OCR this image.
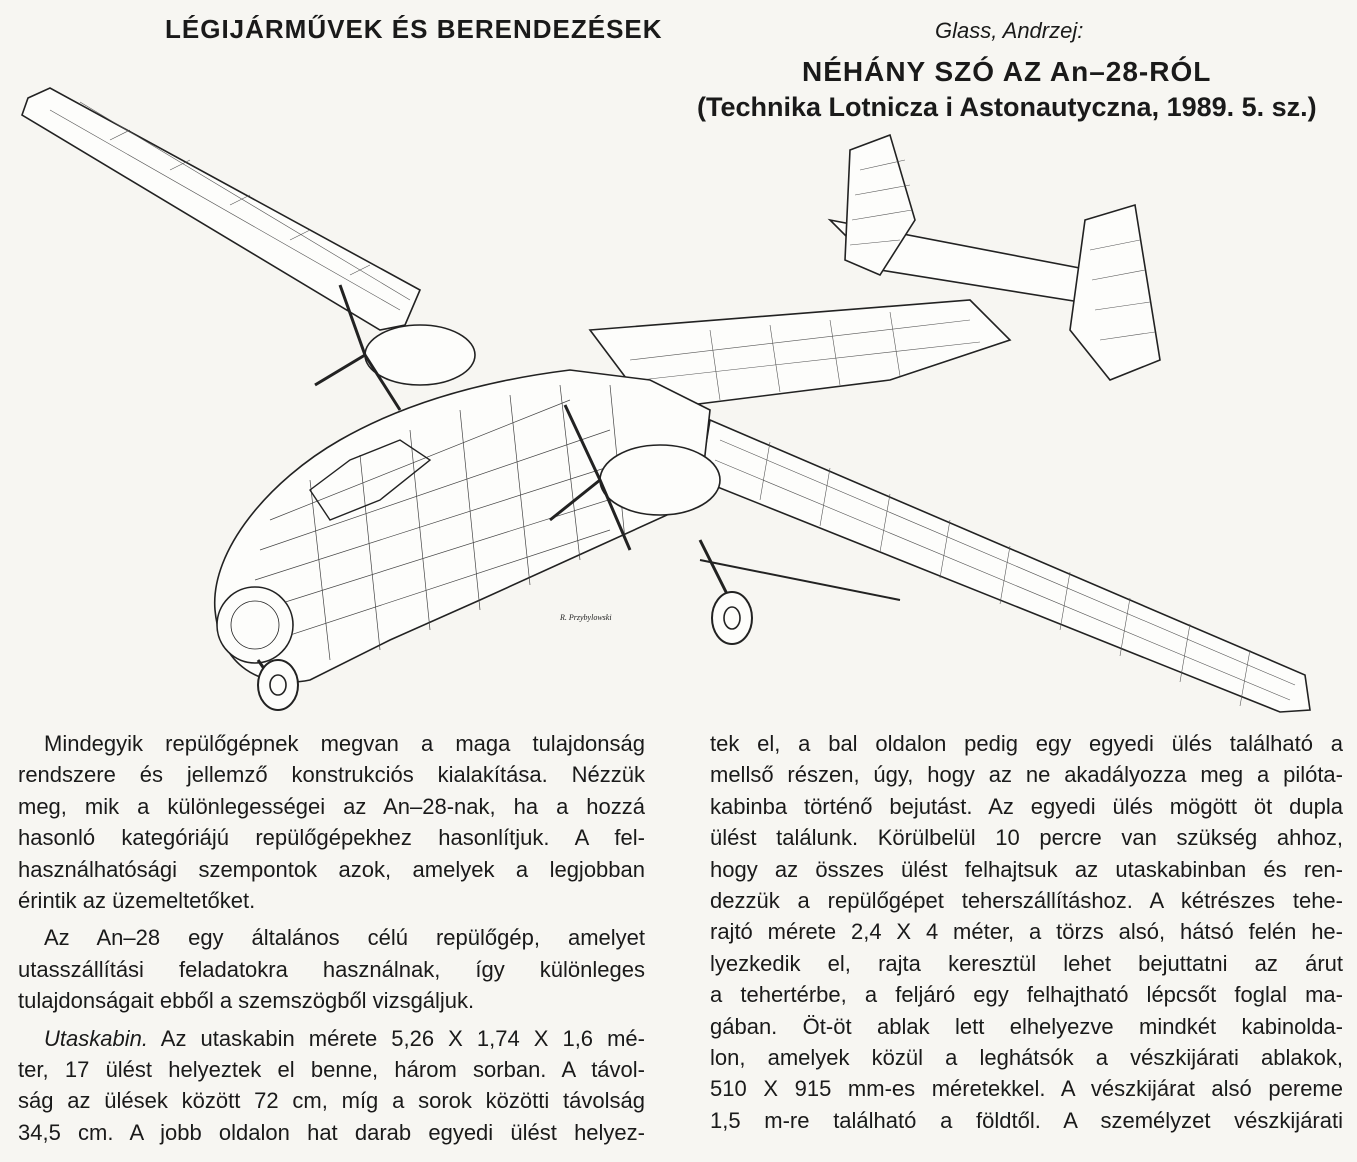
LÉGIJÁRMŰVEK ÉS BERENDEZÉSEK	Glass, Andrzej:
NÉHÁNY SZÓ AZ An–28-RÓL
(Technika Lotnicza i Astonautyczna, 1989. 5. sz.)
R. Przybylowski

Mindegyik repülőgépnek megvan a maga tulajdonság

rendszere és jellemző konstrukciós kialakítása. Nézzük

meg, mik a különlegességei az An–28-nak, ha a hozzá

hasonló kategóriájú repülőgépekhez hasonlítjuk. A fel-

használhatósági szempontok azok, amelyek a legjobban

érintik az üzemeltetőket.

Az An–28 egy általános célú repülőgép, amelyet

utasszállítási feladatokra használnak, így különleges

tulajdonságait ebből a szemszögből vizsgáljuk.

Utaskabin. Az utaskabin mérete 5,26 X 1,74 X 1,6 mé-

ter, 17 ülést helyeztek el benne, három sorban. A távol-

ság az ülések között 72 cm, míg a sorok közötti távolság

34,5 cm. A jobb oldalon hat darab egyedi ülést helyez-

tek el, a bal oldalon pedig egy egyedi ülés található a

mellső részen, úgy, hogy az ne akadályozza meg a pilóta-

kabinba történő bejutást. Az egyedi ülés mögött öt dupla

ülést találunk. Körülbelül 10 percre van szükség ahhoz,

hogy az összes ülést felhajtsuk az utaskabinban és ren-

dezzük a repülőgépet teherszállításhoz. A kétrészes tehe-

rajtó mérete 2,4 X 4 méter, a törzs alsó, hátsó felén he-

lyezkedik el, rajta keresztül lehet bejuttatni az árut

a tehertérbe, a feljáró egy felhajtható lépcsőt foglal ma-

gában. Öt-öt ablak lett elhelyezve mindkét kabinolda-

lon, amelyek közül a leghátsók a vészkijárati ablakok,

510 X 915 mm-es méretekkel. A vészkijárat alsó pereme

1,5 m-re található a földtől. A személyzet vészkijárati
